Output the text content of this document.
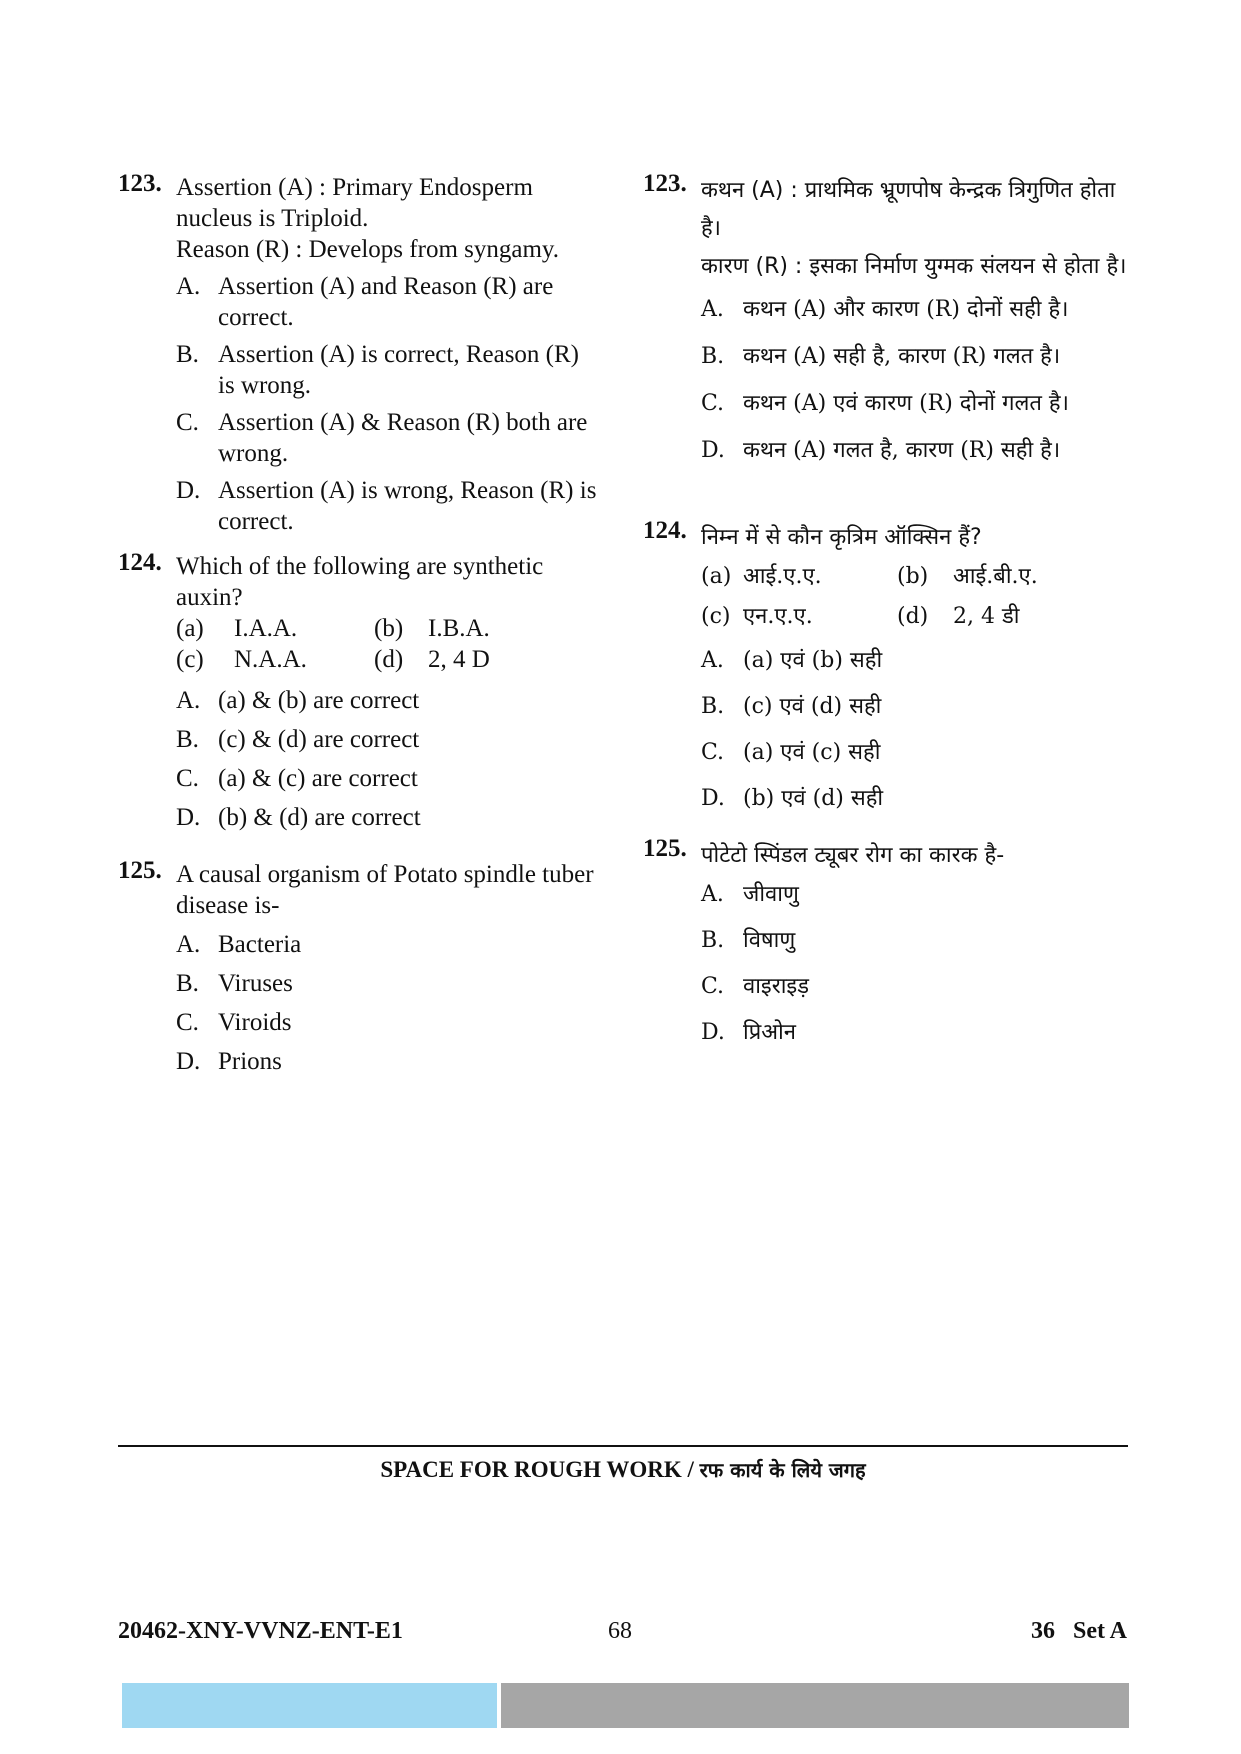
123. Assertion (A) : Primary Endosperm nucleus is Triploid.
Reason (R) : Develops from syngamy.
A. Assertion (A) and Reason (R) are correct.
B. Assertion (A) is correct, Reason (R) is wrong.
C. Assertion (A) & Reason (R) both are wrong.
D. Assertion (A) is wrong, Reason (R) is correct.
124. Which of the following are synthetic auxin?
(a)	I.A.A.	(b) I.B.A.
(c)	N.A.A.	(d) 2, 4 D
A. (a) & (b) are correct
B. (c) & (d) are correct
C. (a) & (c) are correct
D. (b) & (d) are correct
125. A causal organism of Potato spindle tuber disease is-
A. Bacteria
B. Viruses
C. Viroids
D. Prions
123. कथन (A) : प्राथमिक भ्रूणपोष केन्द्रक त्रिगुणित होता है।
कारण (R) : इसका निर्माण युग्मक संलयन से होता है।
A. कथन (A) और कारण (R) दोनों सही है।
B. कथन (A) सही है, कारण (R) गलत है।
C. कथन (A) एवं कारण (R) दोनों गलत है।
D. कथन (A) गलत है, कारण (R) सही है।
124. निम्न में से कौन कृत्रिम ऑक्सिन हैं?
(a) आई.ए.ए.	(b)	आई.बी.ए.
(c) एन.ए.ए.	(d)	2, 4 डी
A. (a) एवं (b) सही
B. (c) एवं (d) सही
C. (a) एवं (c) सही
D. (b) एवं (d) सही
125. पोटेटो स्पिंडल ट्यूबर रोग का कारक है-
A. जीवाणु
B. विषाणु
C. वाइराइड़
D. प्रिओन
SPACE FOR ROUGH WORK / रफ कार्य के लिये जगह
20462-XNY-VVNZ-ENT-E1	68	36   Set A
